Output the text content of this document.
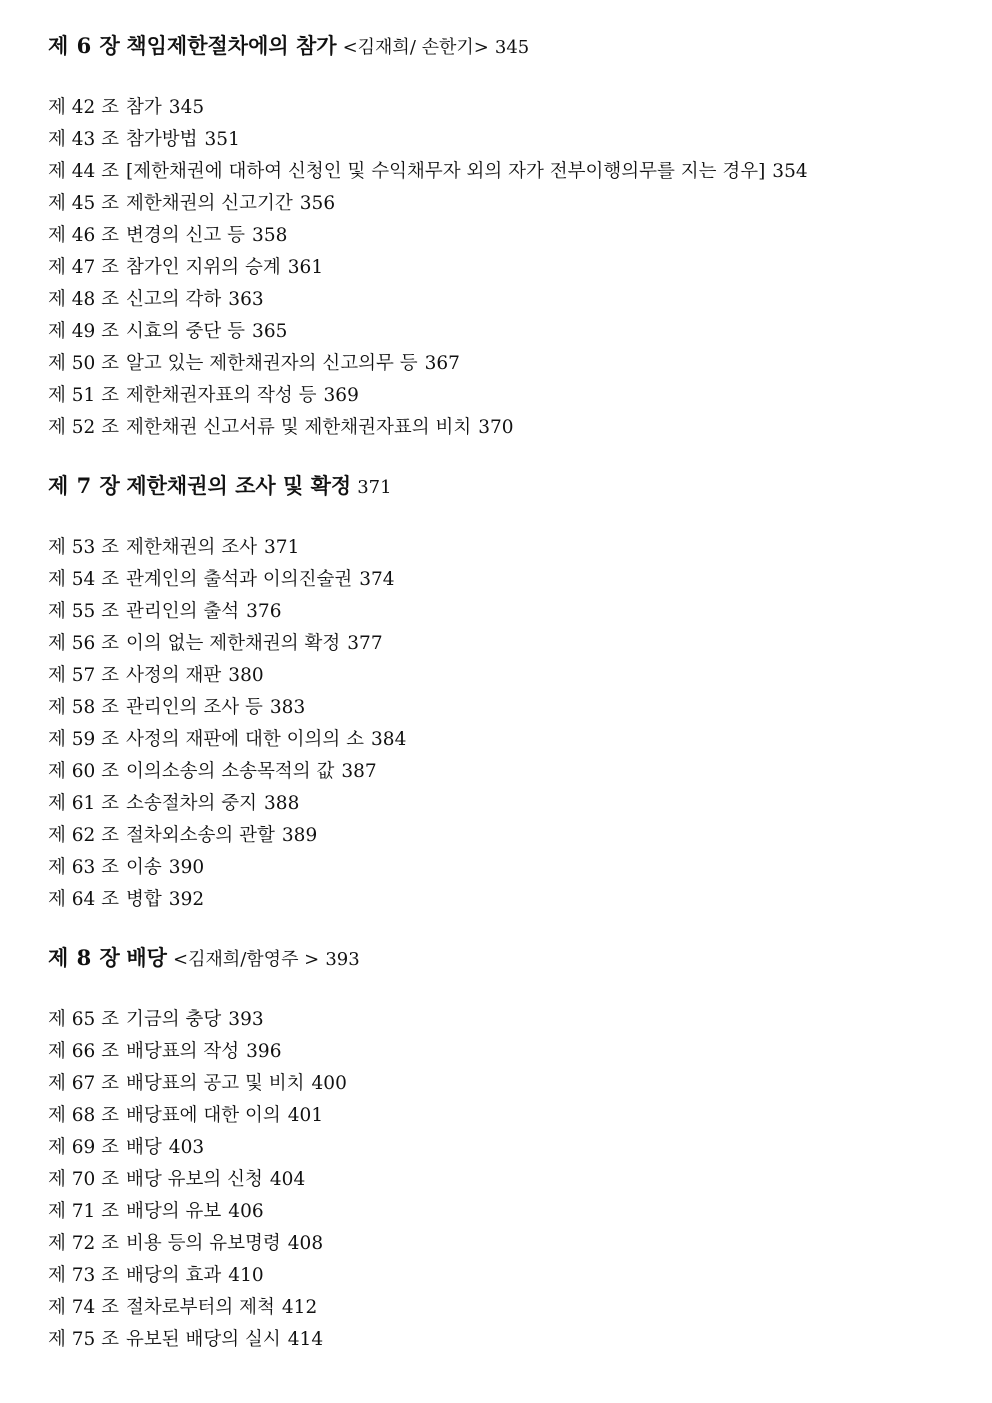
제 6 장 책임제한절차에의 참가 <김재희/ 손한기> 345
제 42 조 참가 345
제 43 조 참가방법 351
제 44 조 [제한채권에 대하여 신청인 및 수익채무자 외의 자가 전부이행의무를 지는 경우] 354
제 45 조 제한채권의 신고기간 356
제 46 조 변경의 신고 등 358
제 47 조 참가인 지위의 승계 361
제 48 조 신고의 각하 363
제 49 조 시효의 중단 등 365
제 50 조 알고 있는 제한채권자의 신고의무 등 367
제 51 조 제한채권자표의 작성 등 369
제 52 조 제한채권 신고서류 및 제한채권자표의 비치 370
제 7 장 제한채권의 조사 및 확정 371
제 53 조 제한채권의 조사 371
제 54 조 관계인의 출석과 이의진술권 374
제 55 조 관리인의 출석 376
제 56 조 이의 없는 제한채권의 확정 377
제 57 조 사정의 재판 380
제 58 조 관리인의 조사 등 383
제 59 조 사정의 재판에 대한 이의의 소 384
제 60 조 이의소송의 소송목적의 값 387
제 61 조 소송절차의 중지 388
제 62 조 절차외소송의 관할 389
제 63 조 이송 390
제 64 조 병합 392
제 8 장 배당 <김재희/함영주 > 393
제 65 조 기금의 충당 393
제 66 조 배당표의 작성 396
제 67 조 배당표의 공고 및 비치 400
제 68 조 배당표에 대한 이의 401
제 69 조 배당 403
제 70 조 배당 유보의 신청 404
제 71 조 배당의 유보 406
제 72 조 비용 등의 유보명령 408
제 73 조 배당의 효과 410
제 74 조 절차로부터의 제척 412
제 75 조 유보된 배당의 실시 414
